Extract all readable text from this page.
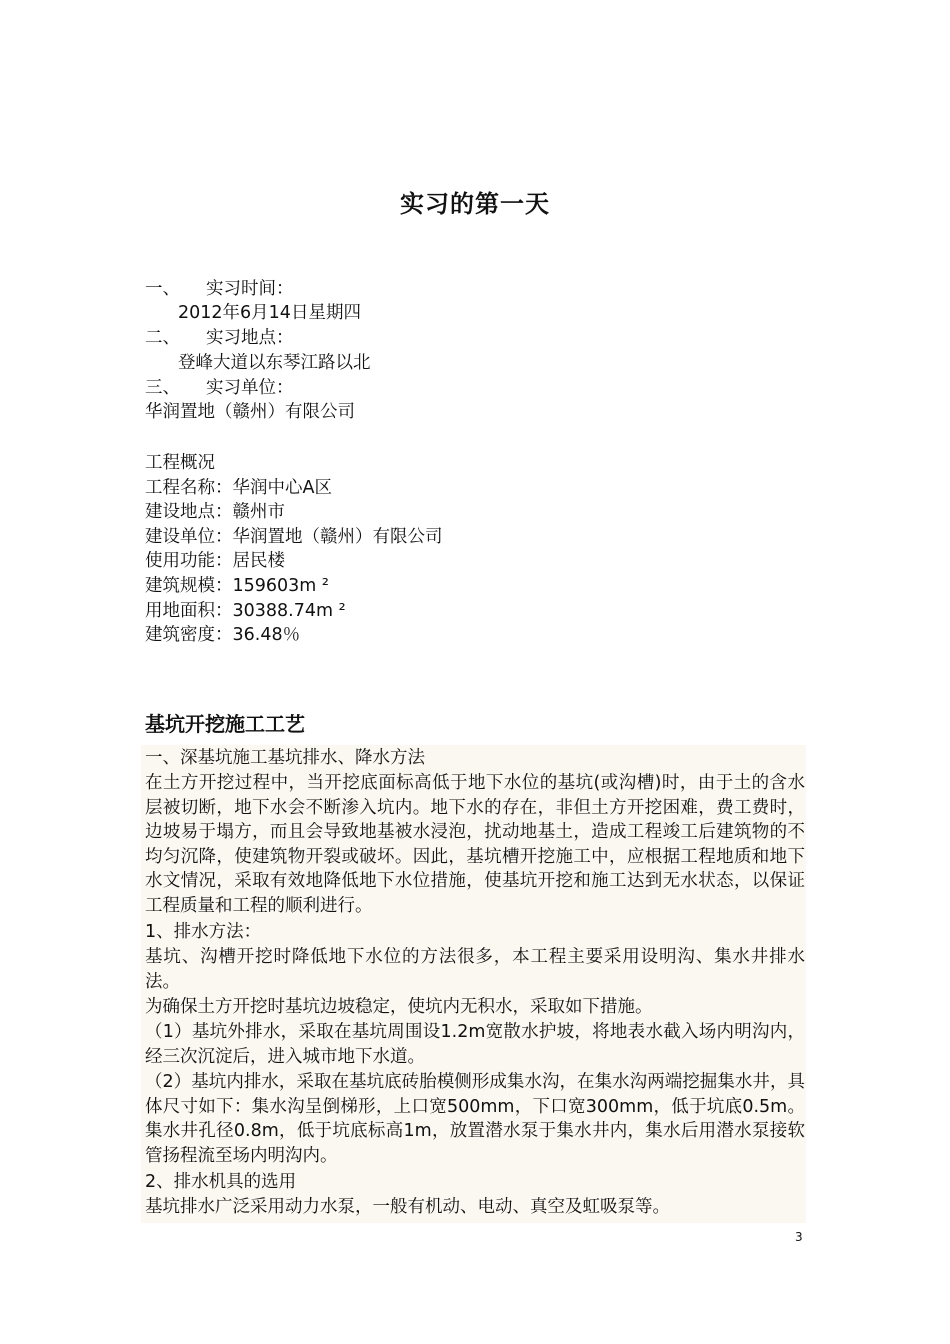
实习的第一天
一、 实习时间：
2012年6月14日星期四
二、 实习地点：
登峰大道以东琴江路以北
三、 实习单位：
华润置地（赣州）有限公司
工程概况
工程名称：华润中心A区
建设地点：赣州市
建设单位：华润置地（赣州）有限公司
使用功能：居民楼
建筑规模：159603m ²
用地面积：30388.74m ²
建筑密度：36.48％
基坑开挖施工工艺
一、深基坑施工基坑排水、降水方法
在土方开挖过程中，当开挖底面标高低于地下水位的基坑(或沟槽)时，由于土的含水层被切断，地下水会不断渗入坑内。地下水的存在，非但土方开挖困难，费工费时，边坡易于塌方，而且会导致地基被水浸泡，扰动地基土，造成工程竣工后建筑物的不均匀沉降，使建筑物开裂或破坏。因此，基坑槽开挖施工中，应根据工程地质和地下水文情况，采取有效地降低地下水位措施，使基坑开挖和施工达到无水状态，以保证工程质量和工程的顺利进行。
1、排水方法：
基坑、沟槽开挖时降低地下水位的方法很多，本工程主要采用设明沟、集水井排水法。
为确保土方开挖时基坑边坡稳定，使坑内无积水，采取如下措施。
（1）基坑外排水，采取在基坑周围设1.2m宽散水护坡，将地表水截入场内明沟内，经三次沉淀后，进入城市地下水道。
（2）基坑内排水，采取在基坑底砖胎模侧形成集水沟，在集水沟两端挖掘集水井，具体尺寸如下：集水沟呈倒梯形，上口宽500mm，下口宽300mm，低于坑底0.5m。集水井孔径0.8m，低于坑底标高1m，放置潜水泵于集水井内，集水后用潜水泵接软管扬程流至场内明沟内。
2、排水机具的选用
基坑排水广泛采用动力水泵，一般有机动、电动、真空及虹吸泵等。
3
